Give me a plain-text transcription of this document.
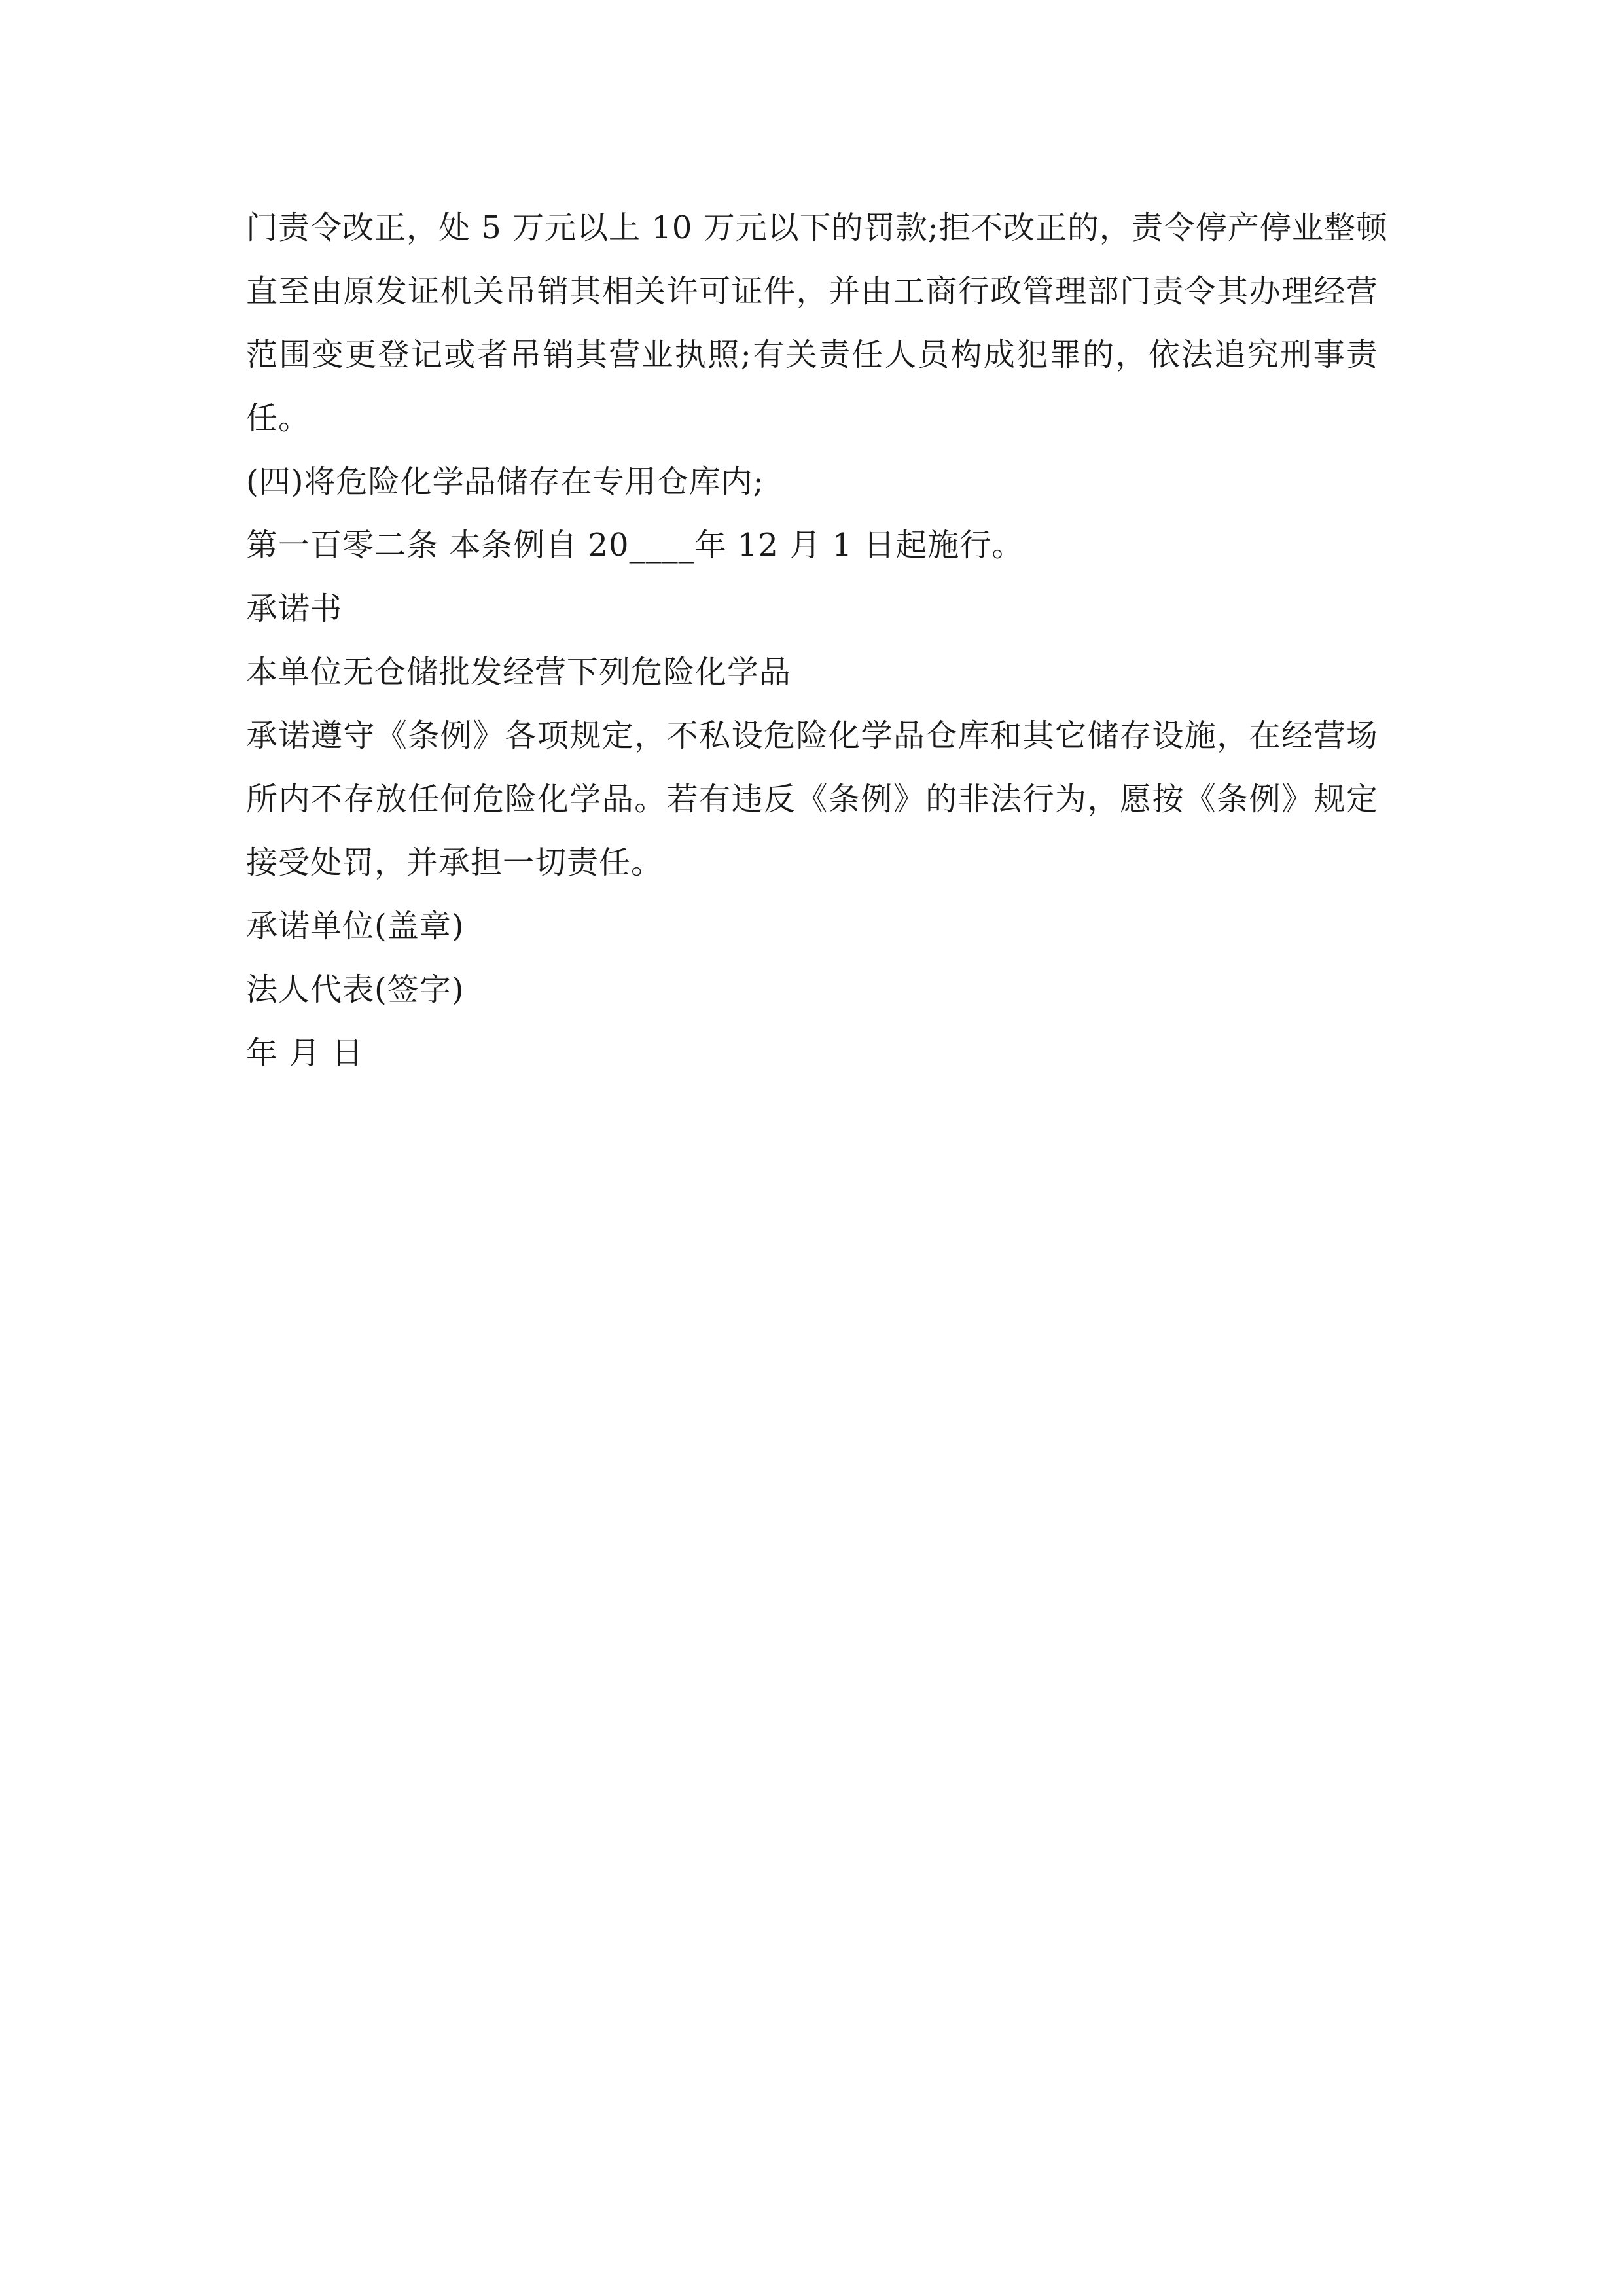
门责令改正，处 5 万元以上 10 万元以下的罚款;拒不改正的，责令停产停业整顿
直至由原发证机关吊销其相关许可证件，并由工商行政管理部门责令其办理经营
范围变更登记或者吊销其营业执照;有关责任人员构成犯罪的，依法追究刑事责
任。
(四)将危险化学品储存在专用仓库内;
第一百零二条 本条例自 20____年 12 月 1 日起施行。
承诺书
本单位无仓储批发经营下列危险化学品
承诺遵守《条例》各项规定，不私设危险化学品仓库和其它储存设施，在经营场
所内不存放任何危险化学品。若有违反《条例》的非法行为，愿按《条例》规定
接受处罚，并承担一切责任。
承诺单位(盖章)
法人代表(签字)
年 月 日
